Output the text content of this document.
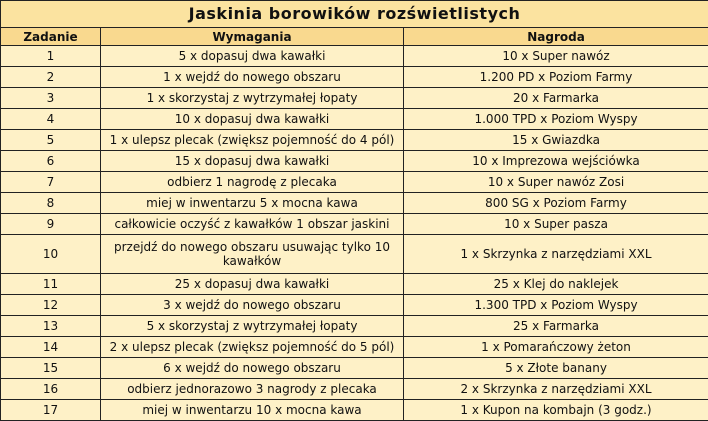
Jaskinia borowików rozświetlistych		
Zadanie	Wymagania	Nagroda
1	5 x dopasuj dwa kawałki	10 x Super nawóz
2	1 x wejdź do nowego obszaru	1.200 PD x Poziom Farmy
3	1 x skorzystaj z wytrzymałej łopaty	20 x Farmarka
4	10 x dopasuj dwa kawałki	1.000 TPD x Poziom Wyspy
5	1 x ulepsz plecak (zwiększ pojemność do 4 pól)	15 x Gwiazdka
6	15 x dopasuj dwa kawałki	10 x Imprezowa wejściówka
7	odbierz 1 nagrodę z plecaka	10 x Super nawóz Zosi
8	miej w inwentarzu 5 x mocna kawa	800 SG x Poziom Farmy
9	całkowicie oczyść z kawałków 1 obszar jaskini	10 x Super pasza
10	przejdź do nowego obszaru usuwając tylko 10 kawałków	1 x Skrzynka z narzędziami XXL
11	25 x dopasuj dwa kawałki	25 x Klej do naklejek
12	3 x wejdź do nowego obszaru	1.300 TPD x Poziom Wyspy
13	5 x skorzystaj z wytrzymałej łopaty	25 x Farmarka
14	2 x ulepsz plecak (zwiększ pojemność do 5 pól)	1 x Pomarańczowy żeton
15	6 x wejdź do nowego obszaru	5 x Złote banany
16	odbierz jednorazowo 3 nagrody z plecaka	2 x Skrzynka z narzędziami XXL
17	miej w inwentarzu 10 x mocna kawa	1 x Kupon na kombajn (3 godz.)
